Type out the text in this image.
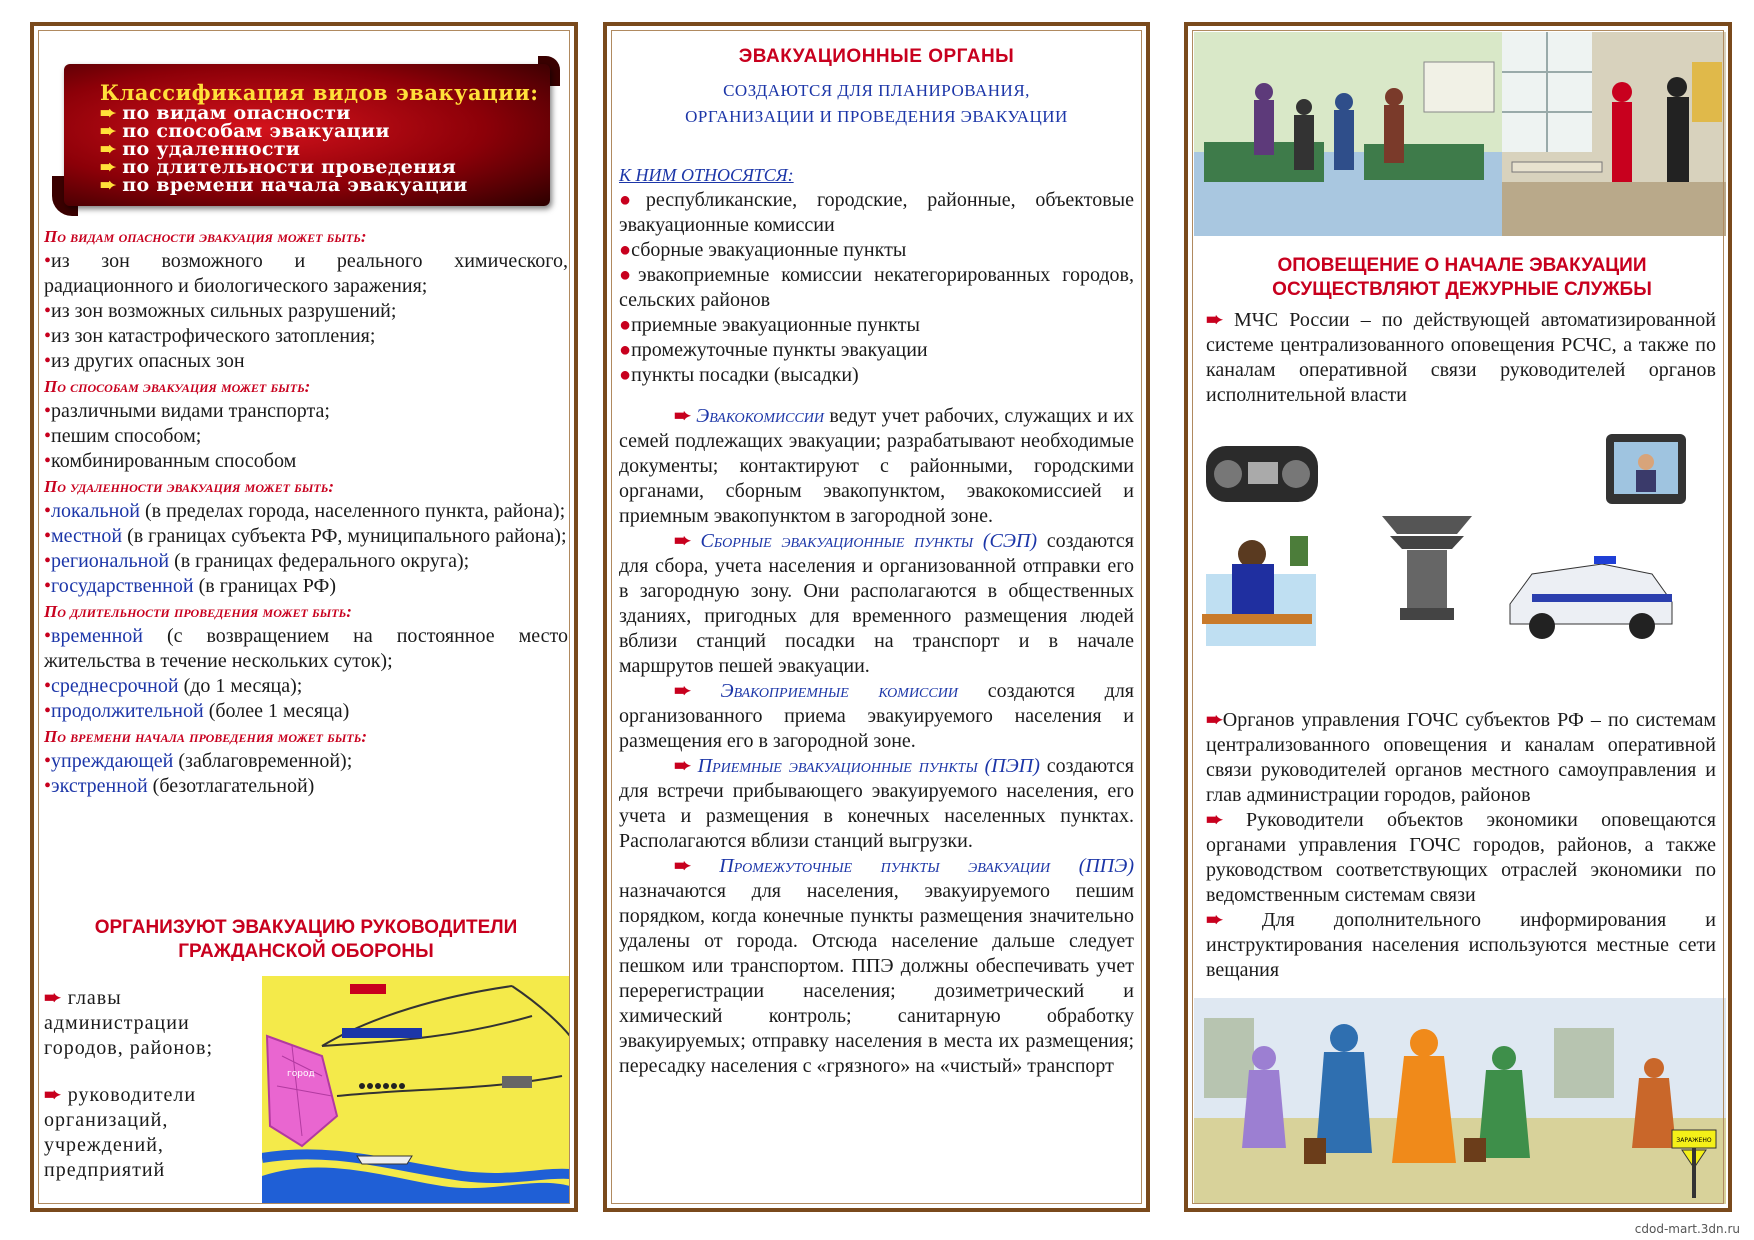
Классификация видов эвакуации:
➨ по видам опасности
➨ по способам эвакуации
➨ по удаленности
➨ по длительности проведения
➨ по времени начала эвакуации
По видам опасности эвакуация может быть:
•из зон возможного и реального химического, радиационного и биологического заражения;
•из зон возможных сильных разрушений;
•из зон катастрофического затопления;
•из других опасных зон
По способам эвакуация может быть:
•различными видами транспорта;
•пешим способом;
•комбинированным способом
По удаленности эвакуация может быть:
•локальной (в пределах города, населенного пункта, района);
•местной (в границах субъекта РФ, муниципального района);
•региональной (в границах федерального округа);
•государственной (в границах РФ)
По длительности проведения может быть:
•временной (с возвращением на постоянное место жительства в течение нескольких суток);
•среднесрочной (до 1 месяца);
•продолжительной (более 1 месяца)
По времени начала проведения может быть:
•упреждающей (заблаговременной);
•экстренной (безотлагательной)
ОРГАНИЗУЮТ ЭВАКУАЦИЮ РУКОВОДИТЕЛИ
ГРАЖДАНСКОЙ ОБОРОНЫ
➨ главы администрации городов, районов;
➨ руководители организаций, учреждений, предприятий
город
ЭВАКУАЦИОННЫЕ ОРГАНЫ
СОЗДАЮТСЯ ДЛЯ ПЛАНИРОВАНИЯ,
ОРГАНИЗАЦИИ И ПРОВЕДЕНИЯ ЭВАКУАЦИИ
К НИМ ОТНОСЯТСЯ:
●республиканские, городские, районные, объектовые эвакуационные комиссии
●сборные эвакуационные пункты
●эвакоприемные комиссии некатегорированных городов, сельских районов
●приемные эвакуационные пункты
●промежуточные пункты эвакуации
●пункты посадки (высадки)
➨ Эвакокомиссии ведут учет рабочих, служащих и их семей подлежащих эвакуации; разрабатывают необходимые документы; контактируют с районными, городскими органами, сборным эвакопунктом, эвакокомиссией и приемным эвакопунктом в загородной зоне.
➨ Сборные эвакуационные пункты (СЭП) создаются для сбора, учета населения и организованной отправки его в загородную зону. Они располагаются в общественных зданиях, пригодных для временного размещения людей вблизи станций посадки на транспорт и в начале маршрутов пешей эвакуации.
➨ Эвакоприемные комиссии создаются для организованного приема эвакуируемого населения и размещения его в загородной зоне.
➨ Приемные эвакуационные пункты (ПЭП) создаются для встречи прибывающего эвакуируемого населения, его учета и размещения в конечных населенных пунктах. Располагаются вблизи станций выгрузки.
➨ Промежуточные пункты эвакуации (ППЭ) назначаются для населения, эвакуируемого пешим порядком, когда конечные пункты размещения значительно удалены от города. Отсюда население дальше следует пешком или транспортом. ППЭ должны обеспечивать учет перерегистрации населения; дозиметрический и химический контроль; санитарную обработку эвакуируемых; отправку населения в места их размещения; пересадку населения с «грязного» на «чистый» транспорт
ОПОВЕЩЕНИЕ О НАЧАЛЕ ЭВАКУАЦИИ
ОСУЩЕСТВЛЯЮТ ДЕЖУРНЫЕ СЛУЖБЫ
➨ МЧС России – по действующей автоматизированной системе централизованного оповещения РСЧС, а также по каналам оперативной связи руководителей органов исполнительной власти
➨Органов управления ГОЧС субъектов РФ – по системам централизованного оповещения и каналам оперативной связи руководителей органов местного самоуправления и глав администрации городов, районов
➨ Руководители объектов экономики оповещаются органами управления ГОЧС городов, районов, а также руководством соответствующих отраслей экономики по ведомственным системам связи
➨ Для дополнительного информирования и инструктирования населения используются местные сети вещания
ЗАРАЖЕНО
cdod-mart.3dn.ru
